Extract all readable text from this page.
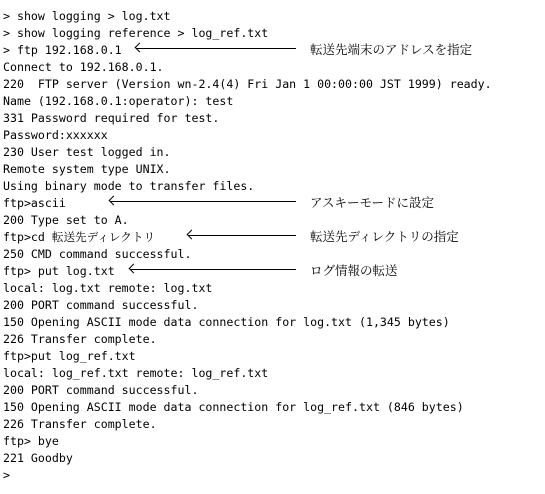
> show logging > log.txt
> show logging reference > log_ref.txt
> ftp 192.168.0.1
Connect to 192.168.0.1.
220  FTP server (Version wn-2.4(4) Fri Jan 1 00:00:00 JST 1999) ready.
Name (192.168.0.1:operator): test
331 Password required for test.
Password:xxxxxx
230 User test logged in.
Remote system type UNIX.
Using binary mode to transfer files.
ftp>ascii
200 Type set to A.
ftp>cd 転送先ディレクトリ
250 CMD command successful.
ftp> put log.txt
local: log.txt remote: log.txt
200 PORT command successful.
150 Opening ASCII mode data connection for log.txt (1,345 bytes)
226 Transfer complete.
ftp>put log_ref.txt
local: log_ref.txt remote: log_ref.txt
200 PORT command successful.
150 Opening ASCII mode data connection for log_ref.txt (846 bytes)
226 Transfer complete.
ftp> bye
221 Goodby
>
転送先端末のアドレスを指定
アスキーモードに設定
転送先ディレクトリの指定
ログ情報の転送
